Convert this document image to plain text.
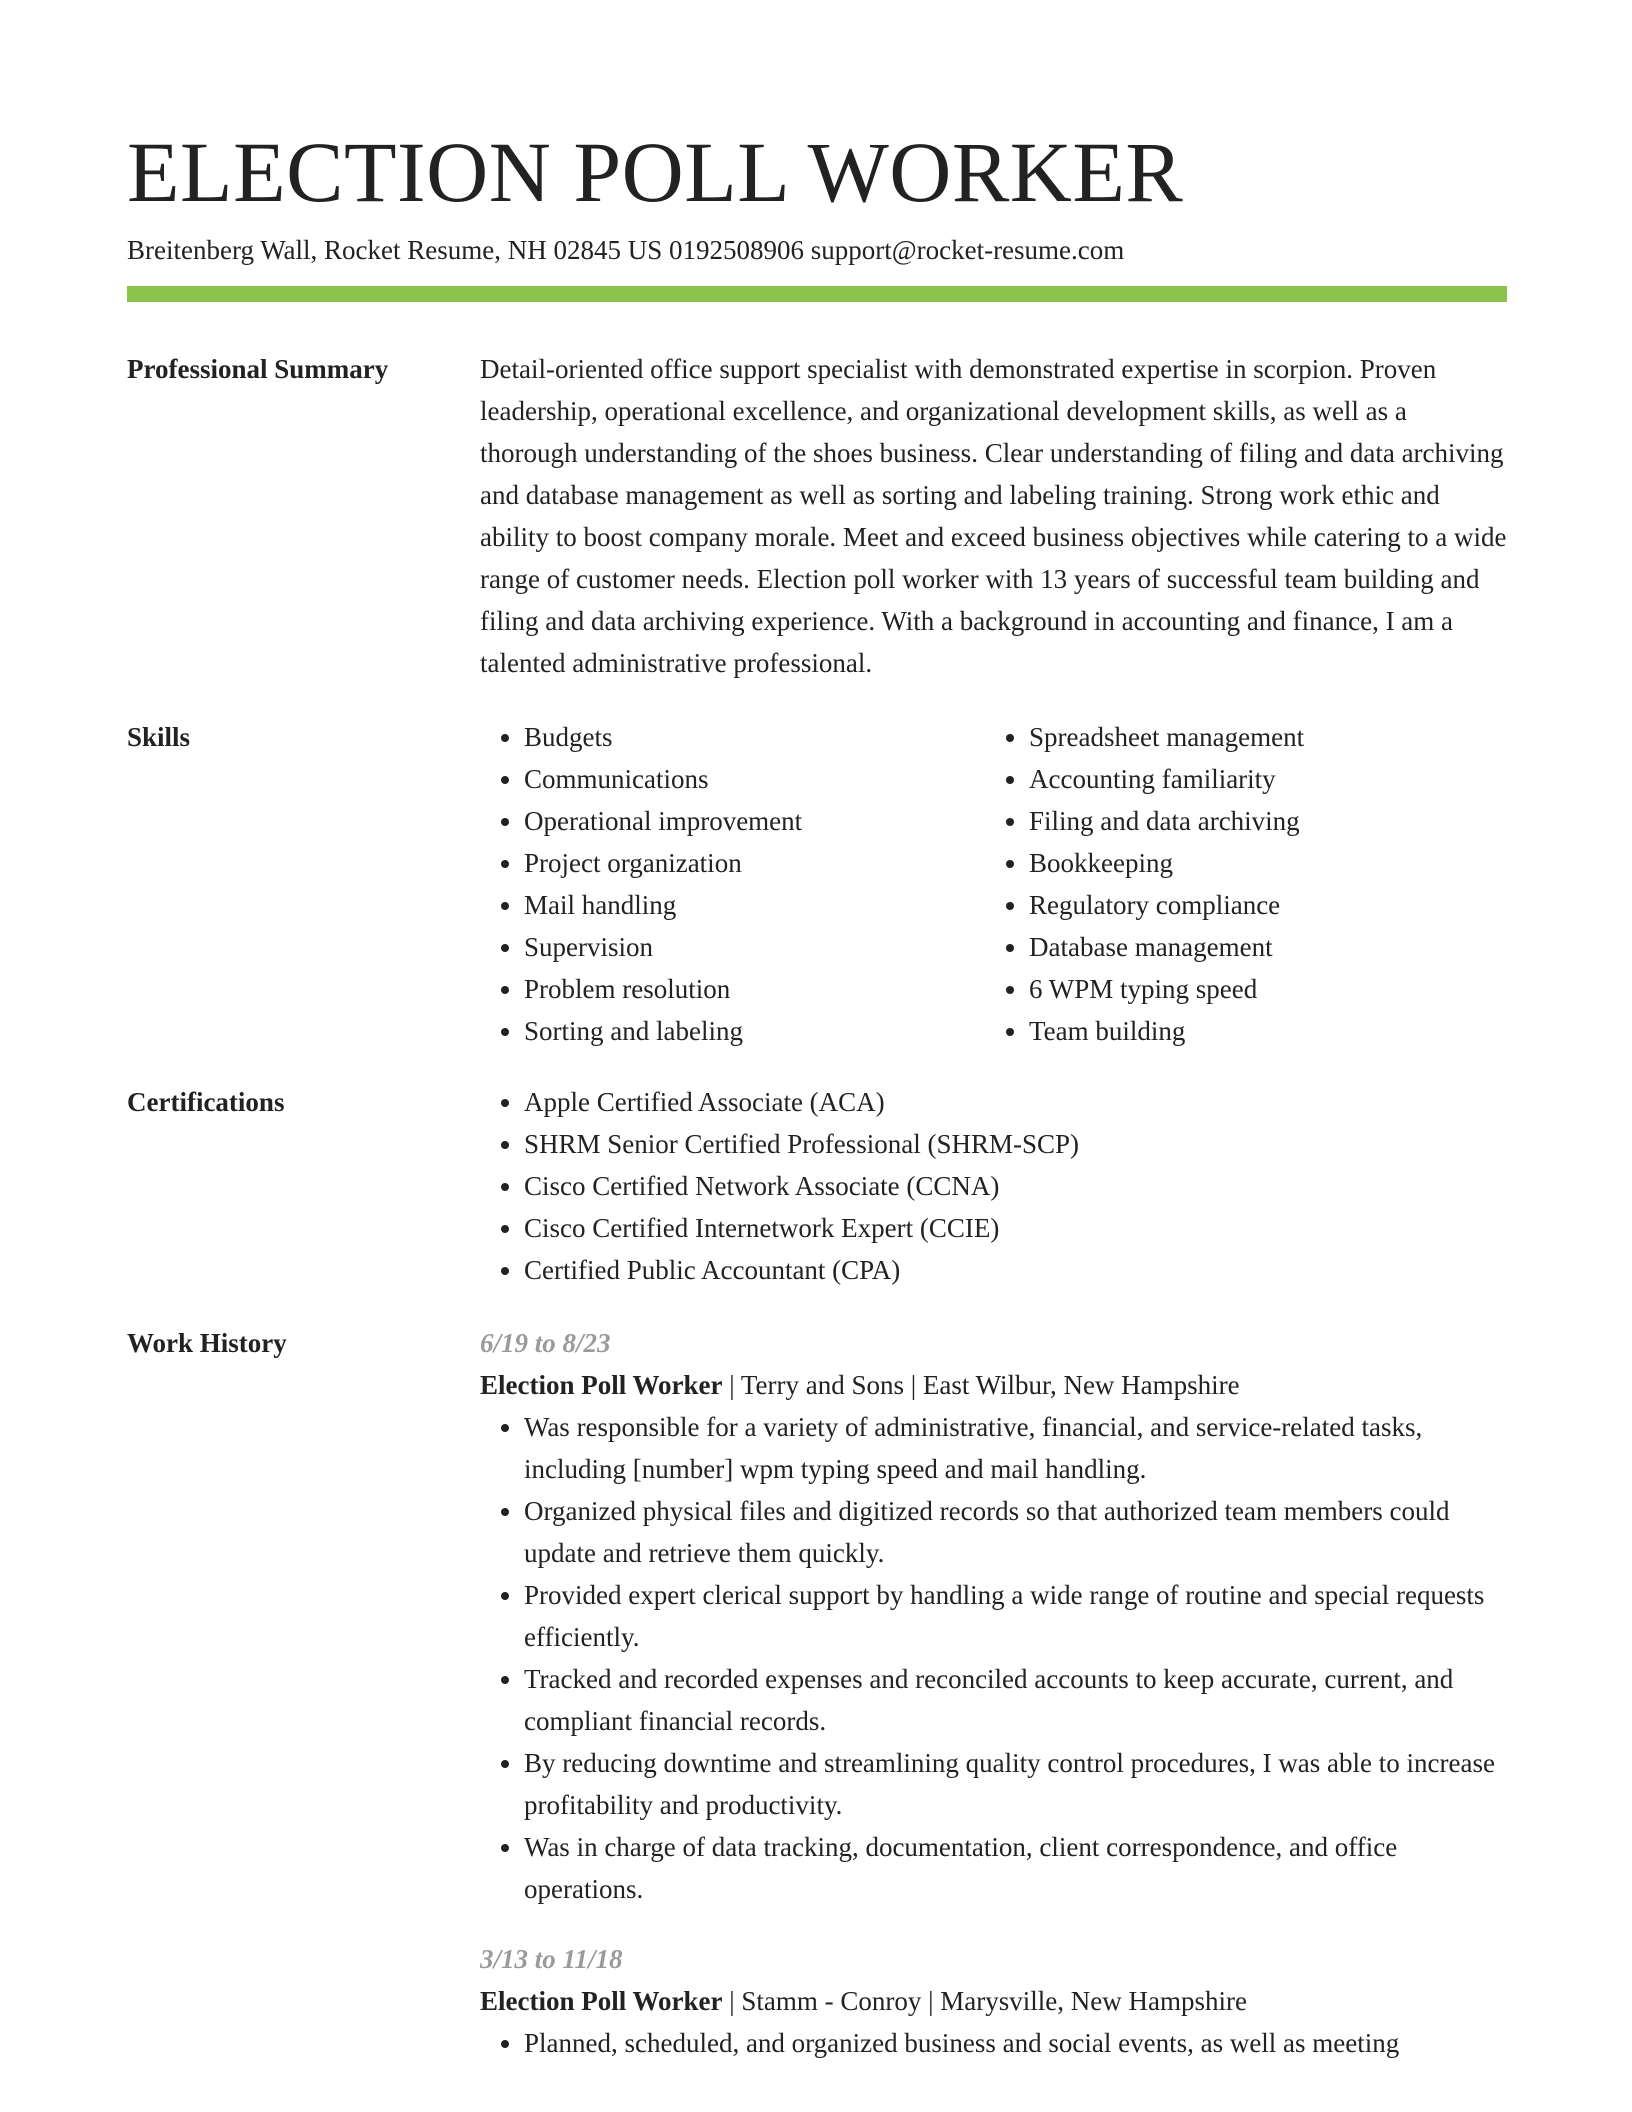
ELECTION POLL WORKER
Breitenberg Wall, Rocket Resume, NH 02845 US 0192508906 support@rocket-resume.com
Professional Summary	Detail-oriented office support specialist with demonstrated expertise in scorpion. Proven leadership, operational excellence, and organizational development skills, as well as a thorough understanding of the shoes business. Clear understanding of filing and data archiving and database management as well as sorting and labeling training. Strong work ethic and ability to boost company morale. Meet and exceed business objectives while catering to a wide range of customer needs. Election poll worker with 13 years of successful team building and filing and data archiving experience. With a background in accounting and finance, I am a talented administrative professional.

Skills	• Budgets
• Communications
• Operational improvement
• Project organization
• Mail handling
• Supervision
• Problem resolution
• Sorting and labeling
• Spreadsheet management
• Accounting familiarity
• Filing and data archiving
• Bookkeeping
• Regulatory compliance
• Database management
• 6 WPM typing speed
• Team building
Certifications	• Apple Certified Associate (ACA)
• SHRM Senior Certified Professional (SHRM-SCP)
• Cisco Certified Network Associate (CCNA)
• Cisco Certified Internetwork Expert (CCIE)
• Certified Public Accountant (CPA)
Work History	6/19 to 8/23
Election Poll Worker | Terry and Sons | East Wilbur, New Hampshire
• Was responsible for a variety of administrative, financial, and service-related tasks, including [number] wpm typing speed and mail handling.
• Organized physical files and digitized records so that authorized team members could update and retrieve them quickly.
• Provided expert clerical support by handling a wide range of routine and special requests efficiently.
• Tracked and recorded expenses and reconciled accounts to keep accurate, current, and compliant financial records.
• By reducing downtime and streamlining quality control procedures, I was able to increase profitability and productivity.
• Was in charge of data tracking, documentation, client correspondence, and office operations.
3/13 to 11/18
Election Poll Worker | Stamm - Conroy | Marysville, New Hampshire
• Planned, scheduled, and organized business and social events, as well as meeting
